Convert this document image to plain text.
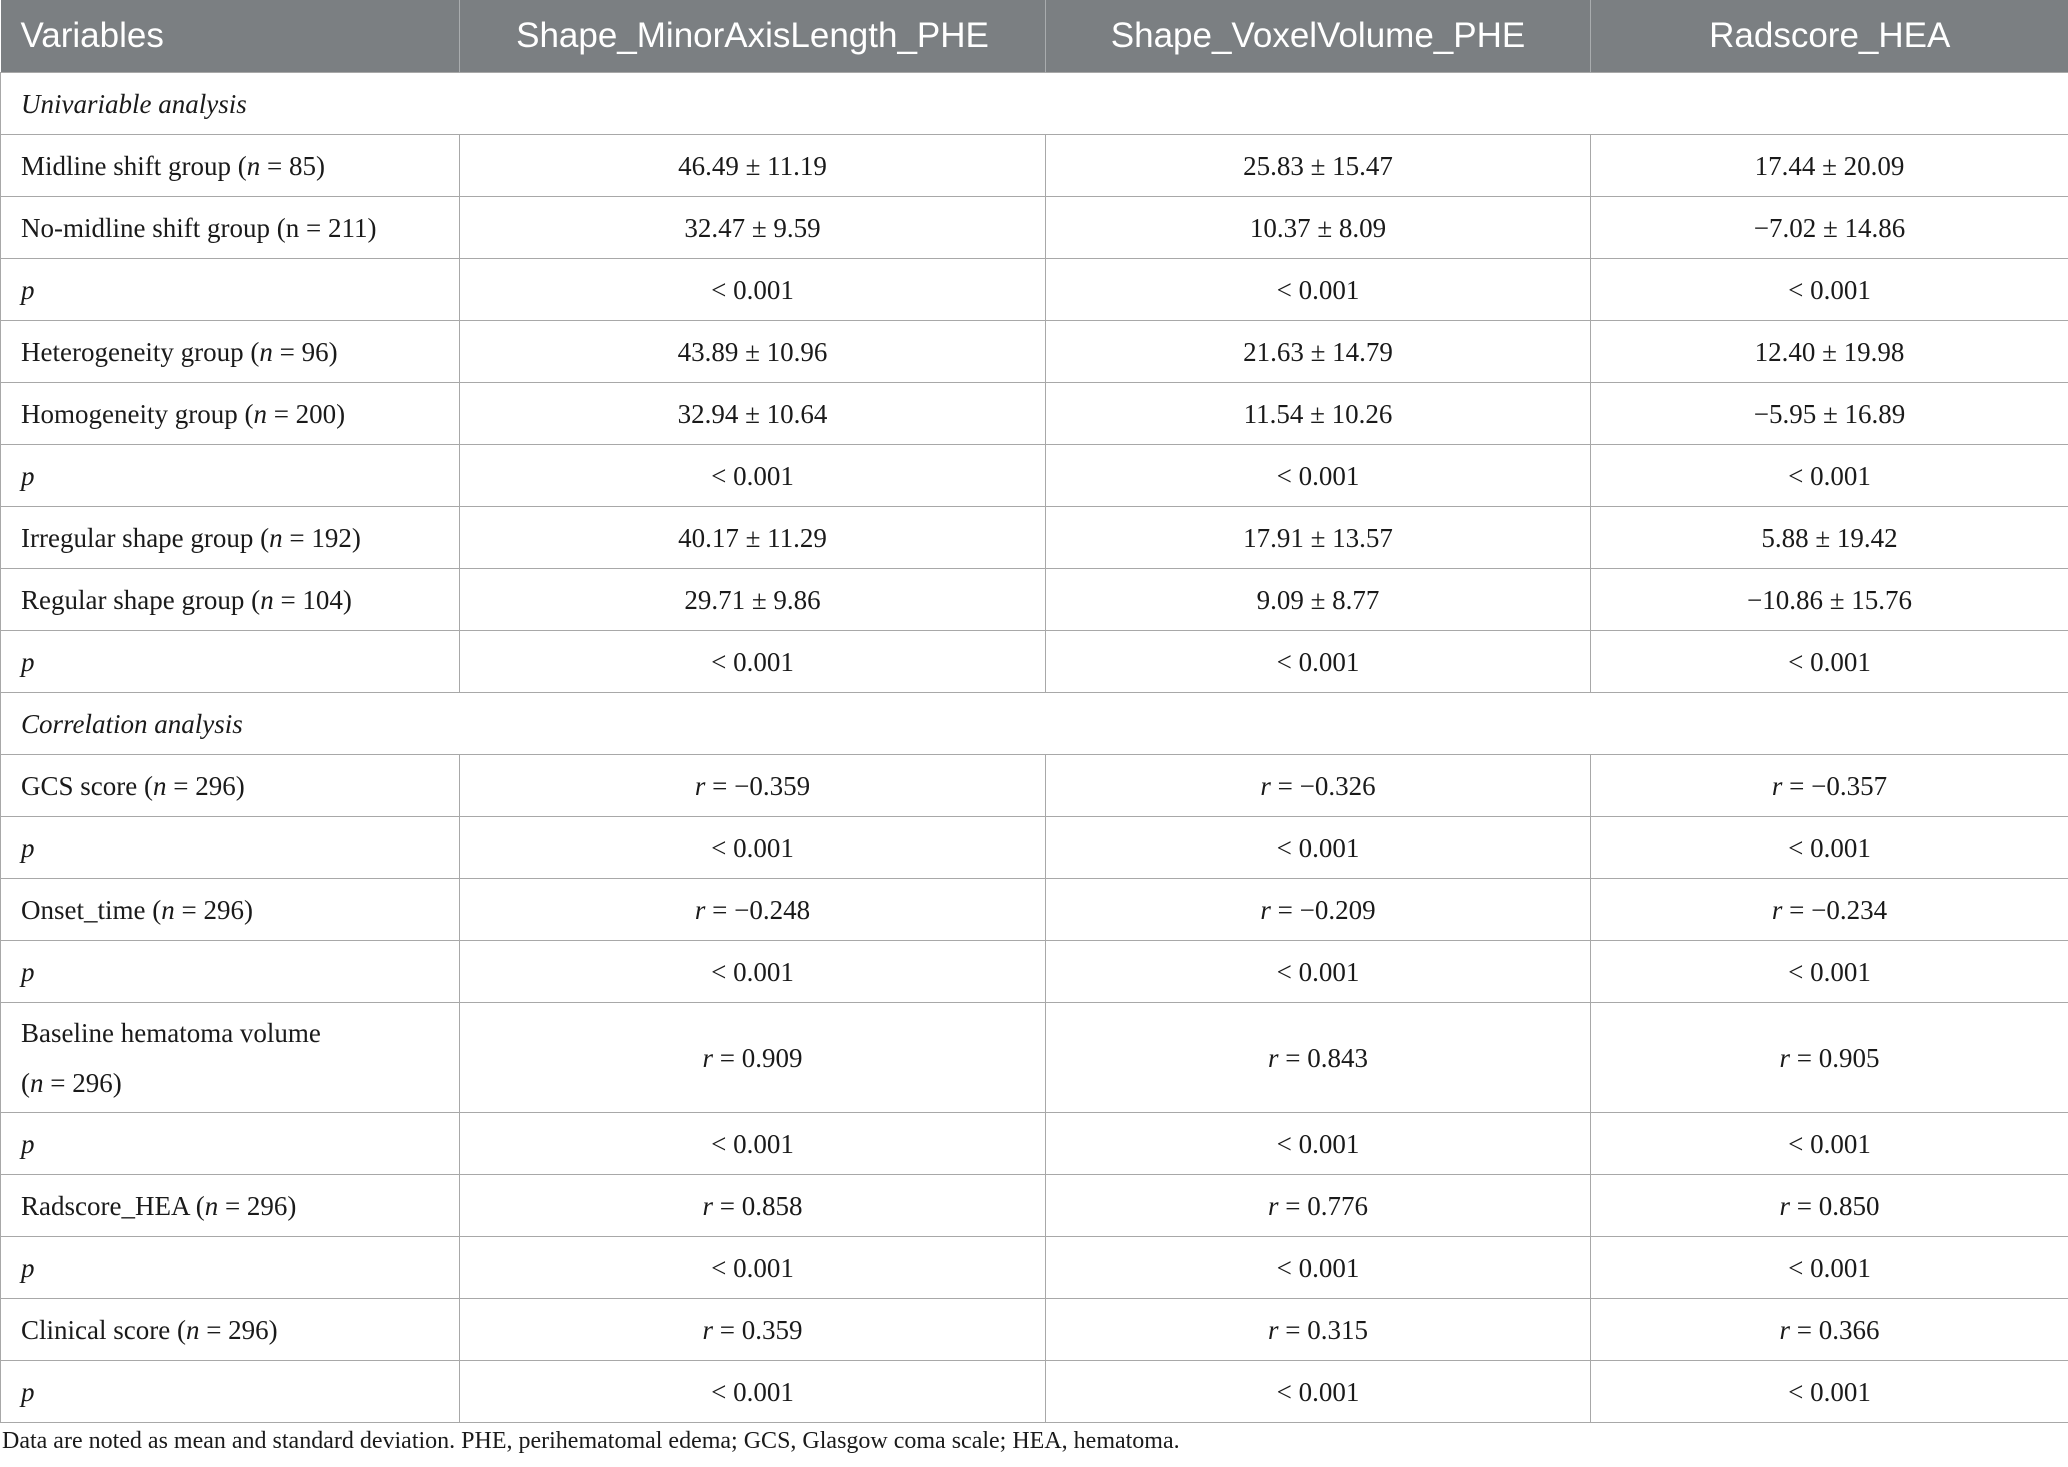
Variables	Shape_MinorAxisLength_PHE	Shape_VoxelVolume_PHE	Radscore_HEA
Univariable analysis			
Midline shift group (n = 85)	46.49 ± 11.19	25.83 ± 15.47	17.44 ± 20.09
No-midline shift group (n = 211)	32.47 ± 9.59	10.37 ± 8.09	−7.02 ± 14.86
p	< 0.001	< 0.001	< 0.001
Heterogeneity group (n = 96)	43.89 ± 10.96	21.63 ± 14.79	12.40 ± 19.98
Homogeneity group (n = 200)	32.94 ± 10.64	11.54 ± 10.26	−5.95 ± 16.89
p	< 0.001	< 0.001	< 0.001
Irregular shape group (n = 192)	40.17 ± 11.29	17.91 ± 13.57	5.88 ± 19.42
Regular shape group (n = 104)	29.71 ± 9.86	9.09 ± 8.77	−10.86 ± 15.76
p	< 0.001	< 0.001	< 0.001
Correlation analysis			
GCS score (n = 296)	r = −0.359	r = −0.326	r = −0.357
p	< 0.001	< 0.001	< 0.001
Onset_time (n = 296)	r = −0.248	r = −0.209	r = −0.234
p	< 0.001	< 0.001	< 0.001
Baseline hematoma volume
(n = 296)	r = 0.909	r = 0.843	r = 0.905
p	< 0.001	< 0.001	< 0.001
Radscore_HEA (n = 296)	r = 0.858	r = 0.776	r = 0.850
p	< 0.001	< 0.001	< 0.001
Clinical score (n = 296)	r = 0.359	r = 0.315	r = 0.366
p	< 0.001	< 0.001	< 0.001

Data are noted as mean and standard deviation. PHE, perihematomal edema; GCS, Glasgow coma scale; HEA, hematoma.
